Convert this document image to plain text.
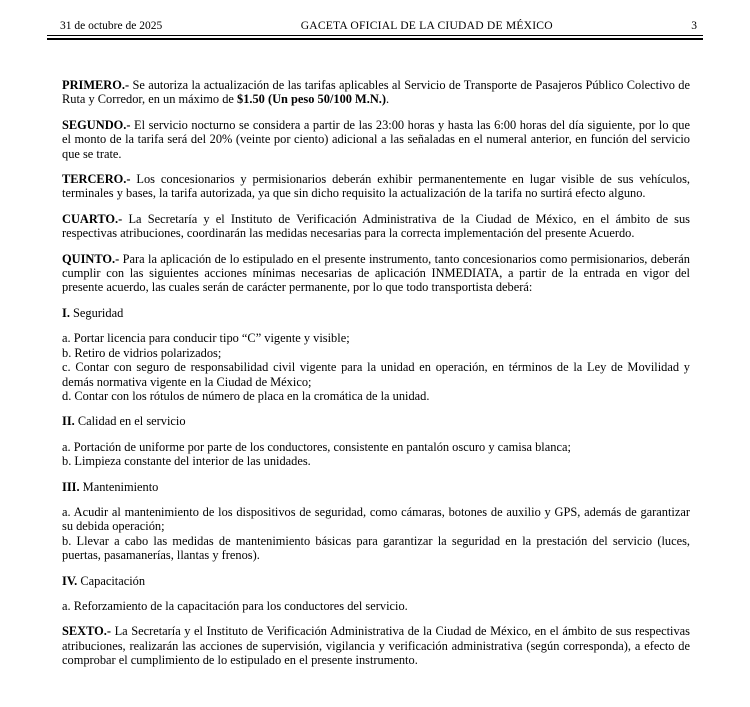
31 de octubre de 2025	GACETA OFICIAL DE LA CIUDAD DE MÉXICO	3

PRIMERO.- Se autoriza la actualización de las tarifas aplicables al Servicio de Transporte de Pasajeros Público Colectivo de Ruta y Corredor, en un máximo de $1.50 (Un peso 50/100 M.N.).

SEGUNDO.- El servicio nocturno se considera a partir de las 23:00 horas y hasta las 6:00 horas del día siguiente, por lo que el monto de la tarifa será del 20% (veinte por ciento) adicional a las señaladas en el numeral anterior, en función del servicio que se trate.

TERCERO.- Los concesionarios y permisionarios deberán exhibir permanentemente en lugar visible de sus vehículos, terminales y bases, la tarifa autorizada, ya que sin dicho requisito la actualización de la tarifa no surtirá efecto alguno.

CUARTO.- La Secretaría y el Instituto de Verificación Administrativa de la Ciudad de México, en el ámbito de sus respectivas atribuciones, coordinarán las medidas necesarias para la correcta implementación del presente Acuerdo.

QUINTO.- Para la aplicación de lo estipulado en el presente instrumento, tanto concesionarios como permisionarios, deberán cumplir con las siguientes acciones mínimas necesarias de aplicación INMEDIATA, a partir de la entrada en vigor del presente acuerdo, las cuales serán de carácter permanente, por lo que todo transportista deberá:

I. Seguridad

a. Portar licencia para conducir tipo “C” vigente y visible;

b. Retiro de vidrios polarizados;

c. Contar con seguro de responsabilidad civil vigente para la unidad en operación, en términos de la Ley de Movilidad y demás normativa vigente en la Ciudad de México;

d. Contar con los rótulos de número de placa en la cromática de la unidad.

II. Calidad en el servicio

a. Portación de uniforme por parte de los conductores, consistente en pantalón oscuro y camisa blanca;

b. Limpieza constante del interior de las unidades.

III. Mantenimiento

a. Acudir al mantenimiento de los dispositivos de seguridad, como cámaras, botones de auxilio y GPS, además de garantizar su debida operación;

b. Llevar a cabo las medidas de mantenimiento básicas para garantizar la seguridad en la prestación del servicio (luces, puertas, pasamanerías, llantas y frenos).

IV. Capacitación

a. Reforzamiento de la capacitación para los conductores del servicio.

SEXTO.- La Secretaría y el Instituto de Verificación Administrativa de la Ciudad de México, en el ámbito de sus respectivas atribuciones, realizarán las acciones de supervisión, vigilancia y verificación administrativa (según corresponda), a efecto de comprobar el cumplimiento de lo estipulado en el presente instrumento.
